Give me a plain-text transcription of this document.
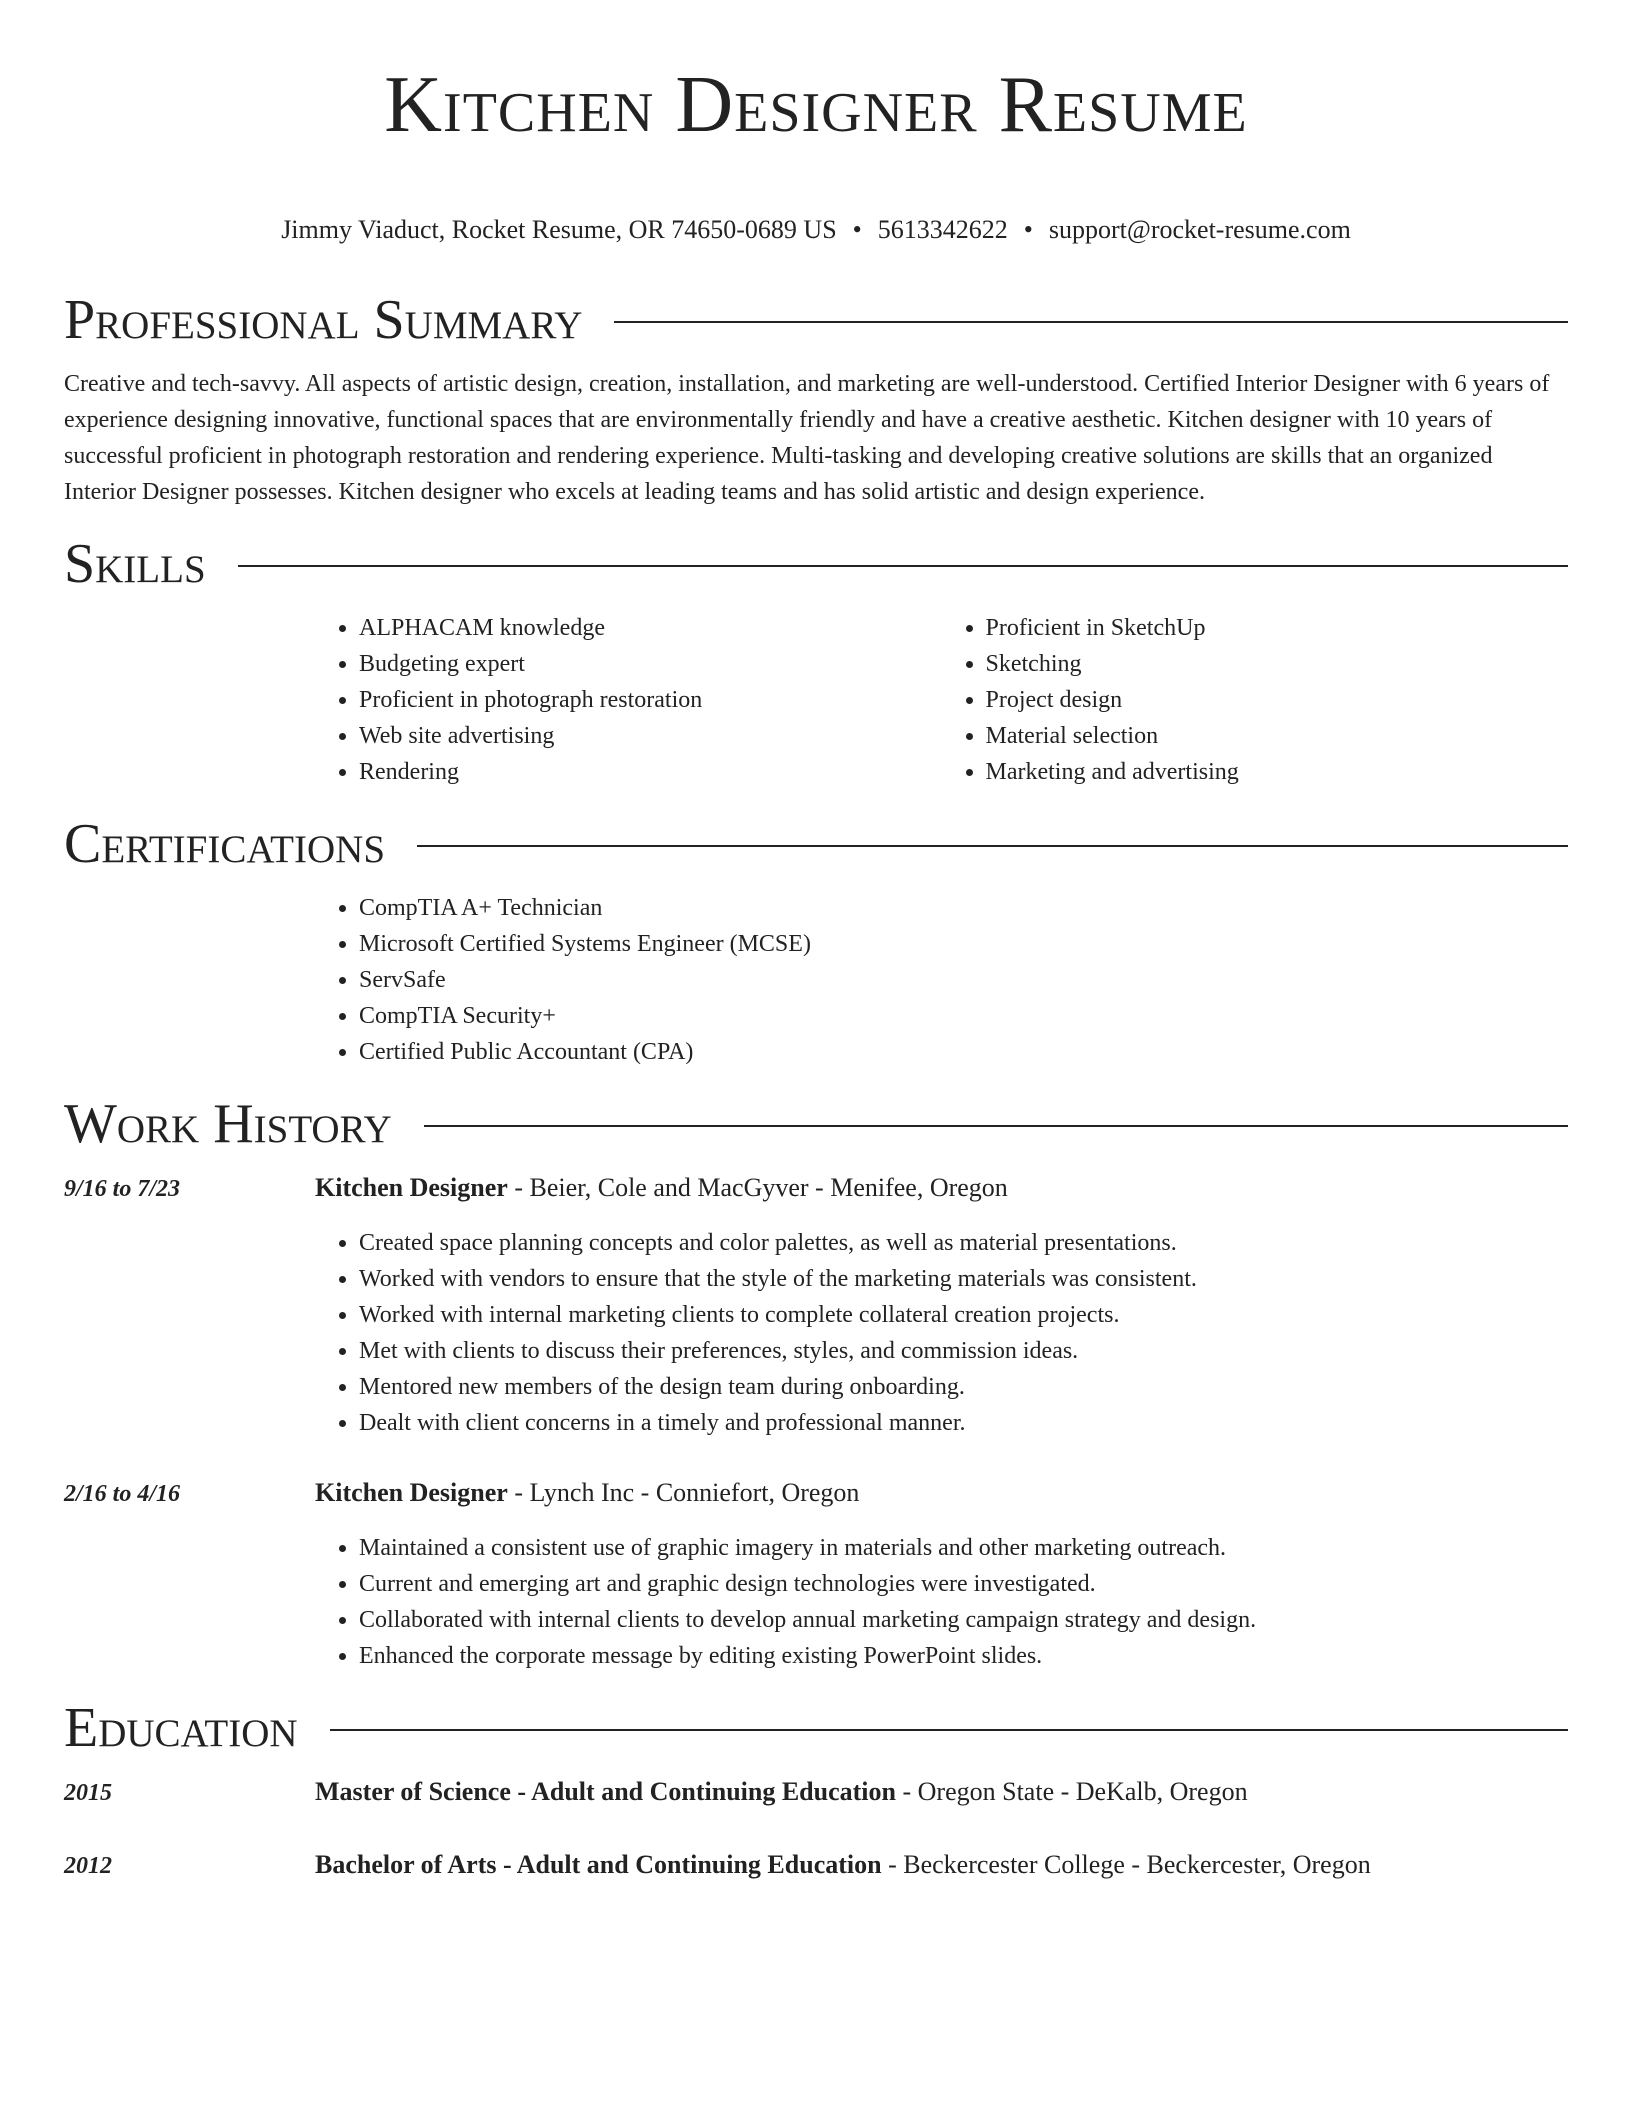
Kitchen Designer Resume
Jimmy Viaduct, Rocket Resume, OR 74650-0689 US • 5613342622 • support@rocket-resume.com
Professional Summary

Creative and tech-savvy. All aspects of artistic design, creation, installation, and marketing are well-understood. Certified Interior Designer with 6 years of experience designing innovative, functional spaces that are environmentally friendly and have a creative aesthetic. Kitchen designer with 10 years of successful proficient in photograph restoration and rendering experience. Multi-tasking and developing creative solutions are skills that an organized Interior Designer possesses. Kitchen designer who excels at leading teams and has solid artistic and design experience.

Skills
• ALPHACAM knowledge
• Budgeting expert
• Proficient in photograph restoration
• Web site advertising
• Rendering
• Proficient in SketchUp
• Sketching
• Project design
• Material selection
• Marketing and advertising
Certifications
• CompTIA A+ Technician
• Microsoft Certified Systems Engineer (MCSE)
• ServSafe
• CompTIA Security+
• Certified Public Accountant (CPA)
Work History
9/16 to 7/23	Kitchen Designer - Beier, Cole and MacGyver - Menifee, Oregon
• Created space planning concepts and color palettes, as well as material presentations.
• Worked with vendors to ensure that the style of the marketing materials was consistent.
• Worked with internal marketing clients to complete collateral creation projects.
• Met with clients to discuss their preferences, styles, and commission ideas.
• Mentored new members of the design team during onboarding.
• Dealt with client concerns in a timely and professional manner.
2/16 to 4/16	Kitchen Designer - Lynch Inc - Conniefort, Oregon
• Maintained a consistent use of graphic imagery in materials and other marketing outreach.
• Current and emerging art and graphic design technologies were investigated.
• Collaborated with internal clients to develop annual marketing campaign strategy and design.
• Enhanced the corporate message by editing existing PowerPoint slides.
Education
2015	Master of Science - Adult and Continuing Education - Oregon State - DeKalb, Oregon
2012	Bachelor of Arts - Adult and Continuing Education - Beckercester College - Beckercester, Oregon
